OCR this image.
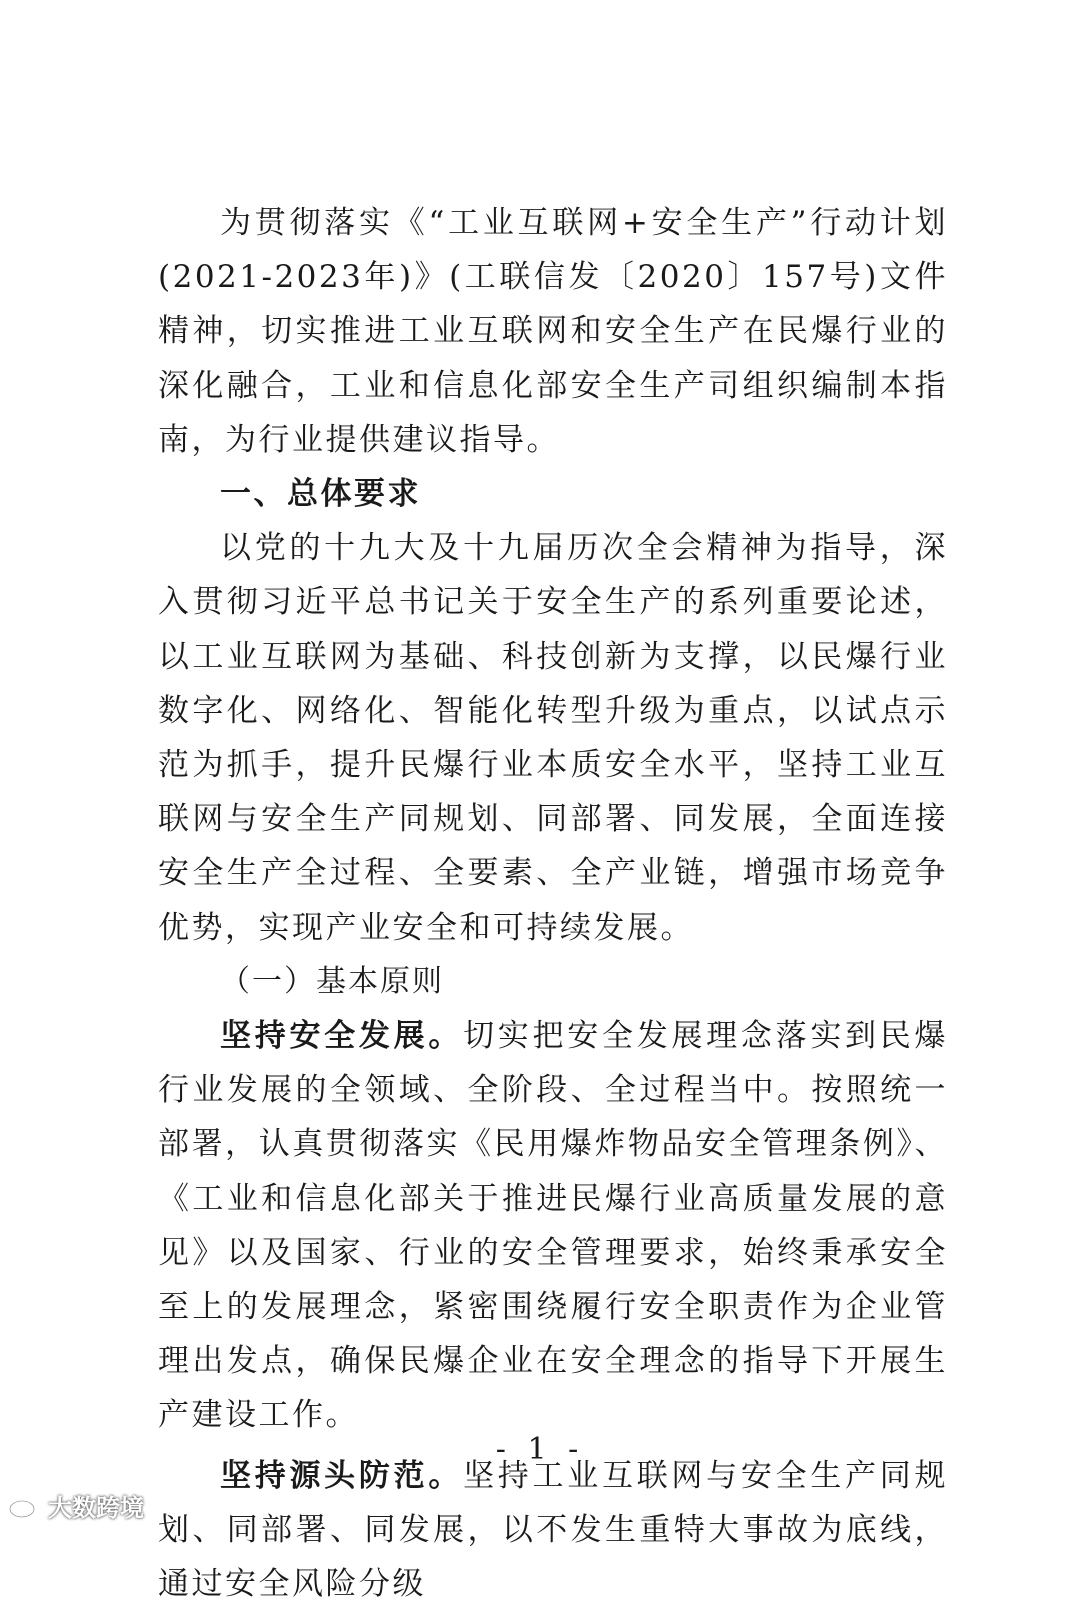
为贯彻落实《“工业互联网+安全生产”行动计划(2021-2023年)》(工联信发〔2020〕157号)文件精神，切实推进工业互联网和安全生产在民爆行业的深化融合，工业和信息化部安全生产司组织编制本指南，为行业提供建议指导。

一、总体要求

以党的十九大及十九届历次全会精神为指导，深入贯彻习近平总书记关于安全生产的系列重要论述，以工业互联网为基础、科技创新为支撑，以民爆行业数字化、网络化、智能化转型升级为重点，以试点示范为抓手，提升民爆行业本质安全水平，坚持工业互联网与安全生产同规划、同部署、同发展，全面连接安全生产全过程、全要素、全产业链，增强市场竞争优势，实现产业安全和可持续发展。

（一）基本原则

坚持安全发展。切实把安全发展理念落实到民爆行业发展的全领域、全阶段、全过程当中。按照统一部署，认真贯彻落实《民用爆炸物品安全管理条例》、《工业和信息化部关于推进民爆行业高质量发展的意见》以及国家、行业的安全管理要求，始终秉承安全至上的发展理念，紧密围绕履行安全职责作为企业管理出发点，确保民爆企业在安全理念的指导下开展生产建设工作。

坚持源头防范。坚持工业互联网与安全生产同规划、同部署、同发展，以不发生重特大事故为底线，通过安全风险分级

- 1 -
大数跨境
